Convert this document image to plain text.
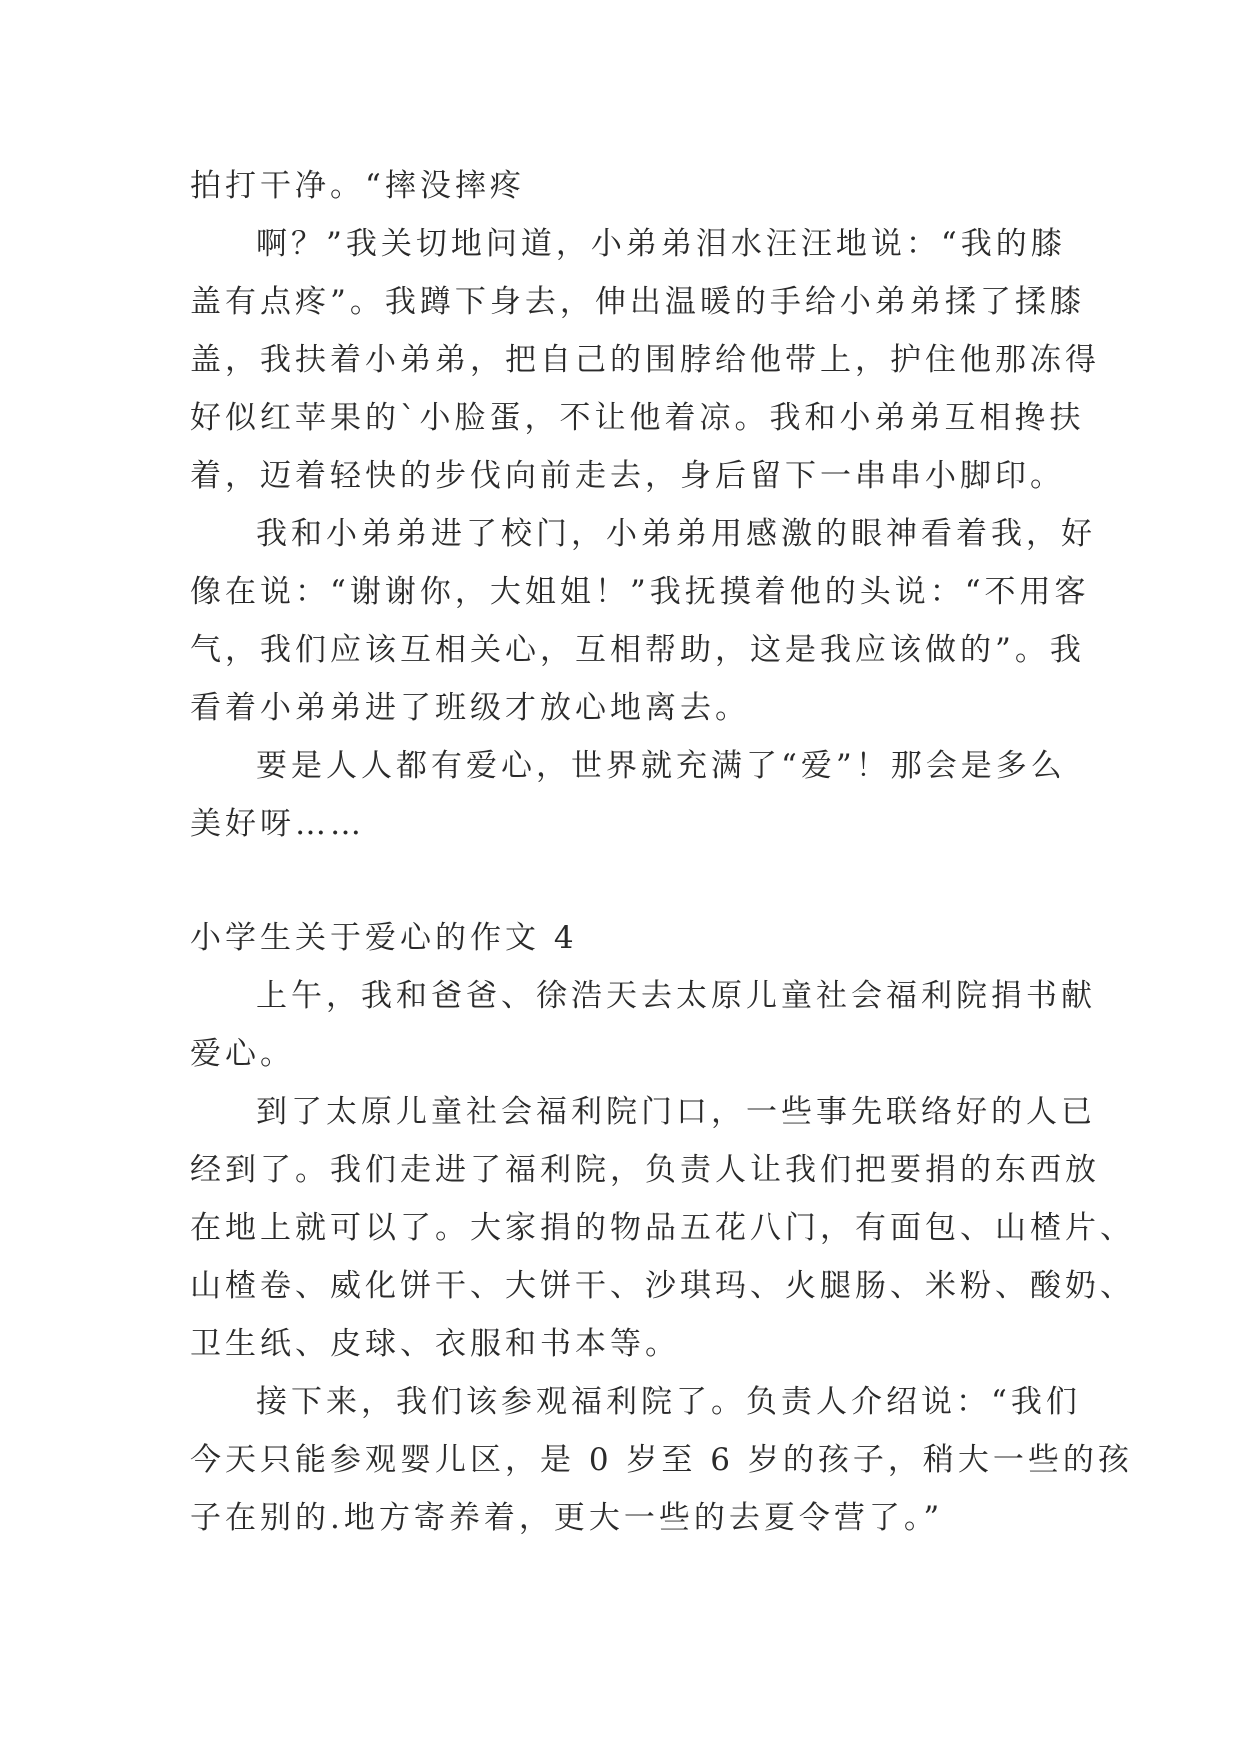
拍打干净。“摔没摔疼
啊？”我关切地问道，小弟弟泪水汪汪地说：“我的膝
盖有点疼”。我蹲下身去，伸出温暖的手给小弟弟揉了揉膝
盖，我扶着小弟弟，把自己的围脖给他带上，护住他那冻得
好似红苹果的`小脸蛋，不让他着凉。我和小弟弟互相搀扶
着，迈着轻快的步伐向前走去，身后留下一串串小脚印。
我和小弟弟进了校门，小弟弟用感激的眼神看着我，好
像在说：“谢谢你，大姐姐！”我抚摸着他的头说：“不用客
气，我们应该互相关心，互相帮助，这是我应该做的”。我
看着小弟弟进了班级才放心地离去。
要是人人都有爱心，世界就充满了“爱”！那会是多么
美好呀……
小学生关于爱心的作文 4
上午，我和爸爸、徐浩天去太原儿童社会福利院捐书献
爱心。
到了太原儿童社会福利院门口，一些事先联络好的人已
经到了。我们走进了福利院，负责人让我们把要捐的东西放
在地上就可以了。大家捐的物品五花八门，有面包、山楂片、
山楂卷、威化饼干、大饼干、沙琪玛、火腿肠、米粉、酸奶、
卫生纸、皮球、衣服和书本等。
接下来，我们该参观福利院了。负责人介绍说：“我们
今天只能参观婴儿区，是 0 岁至 6 岁的孩子，稍大一些的孩
子在别的.地方寄养着，更大一些的去夏令营了。”
